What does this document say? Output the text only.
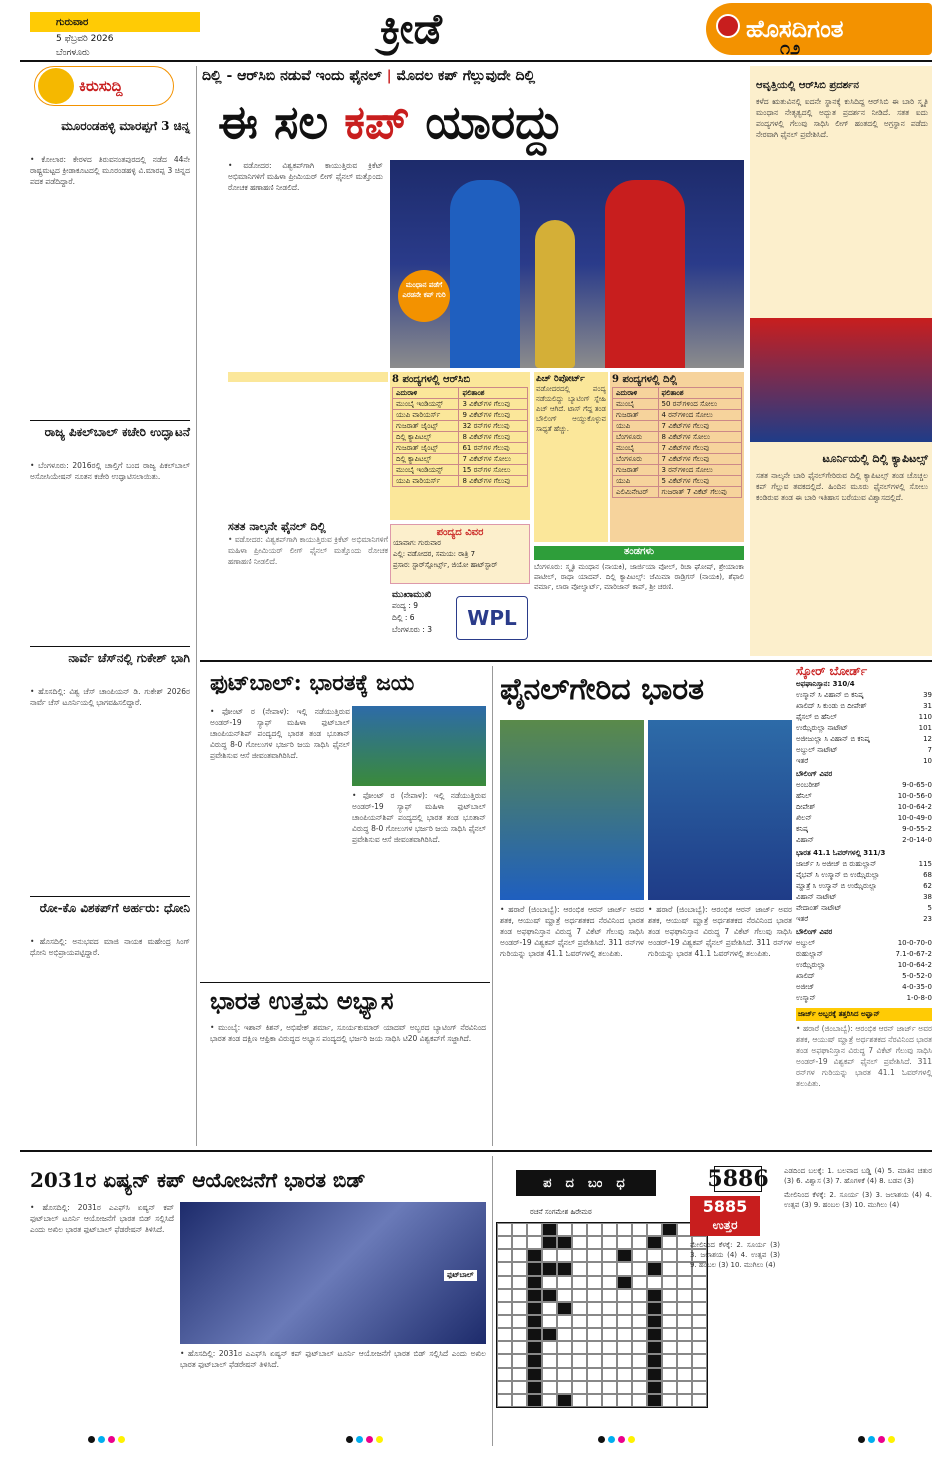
ಗುರುವಾರ
5 ಫೆಬ್ರವರಿ 2026
ಬೆಂಗಳೂರು	ಕ್ರೀಡೆ	ಹೊಸದಿಗಂತ
೧೨
ಕಿರುಸುದ್ದಿ
ಮೂರಂಡಹಳ್ಳಿ ಮಾರಪ್ಪಗೆ 3 ಚಿನ್ನ
• ಕೋಲಾರ: ಕೇರಳದ ತಿರುವನಂತಪುರದಲ್ಲಿ ನಡೆದ 44ನೇ ರಾಷ್ಟ್ರಮಟ್ಟದ ಕ್ರೀಡಾಕೂಟದಲ್ಲಿ ಮೂರಂಡಹಳ್ಳಿ ವಿ.ಮಾರಪ್ಪ 3 ಚಿನ್ನದ ಪದಕ ಪಡೆದಿದ್ದಾರೆ.
ರಾಜ್ಯ ಪಿಕಲ್‌ಬಾಲ್ ಕಚೇರಿ ಉದ್ಘಾಟನೆ
• ಬೆಂಗಳೂರು: 2016ರಲ್ಲಿ ಚಾಲ್ತಿಗೆ ಬಂದ ರಾಜ್ಯ ಪಿಕಲ್‌ಬಾಲ್ ಅಸೋಸಿಯೇಷನ್ ನೂತನ ಕಚೇರಿ ಉದ್ಘಾಟಿಸಲಾಯಿತು.
ನಾರ್ವೆ ಚೆಸ್‌ನಲ್ಲಿ ಗುಕೇಶ್ ಭಾಗಿ
• ಹೊಸದಿಲ್ಲಿ: ವಿಶ್ವ ಚೆಸ್ ಚಾಂಪಿಯನ್ ಡಿ. ಗುಕೇಶ್ 2026ರ ನಾರ್ವೆ ಚೆಸ್ ಟೂರ್ನಿಯಲ್ಲಿ ಭಾಗವಹಿಸಲಿದ್ದಾರೆ.
ರೋ-ಕೊ ವಿಶಕಪ್‌ಗೆ ಅರ್ಹರು: ಧೋನಿ
• ಹೊಸದಿಲ್ಲಿ: ಅನುಭವದ ಮಾಜಿ ನಾಯಕ ಮಹೇಂದ್ರ ಸಿಂಗ್ ಧೋನಿ ಅಭಿಪ್ರಾಯಪಟ್ಟಿದ್ದಾರೆ.
ದಿಲ್ಲಿ - ಆರ್‌ಸಿಬಿ ನಡುವೆ ಇಂದು ಫೈನಲ್ | ಮೊದಲ ಕಪ್ ಗೆಲ್ಲುವುದೇ ದಿಲ್ಲಿ
ಈ ಸಲ ಕಪ್ ಯಾರದ್ದು
• ವಡೋದರ: ವಿಶ್ವಕಪ್‌ಗಾಗಿ ಕಾಯುತ್ತಿರುವ ಕ್ರಿಕೆಟ್ ಅಭಿಮಾನಿಗಳಿಗೆ ಮಹಿಳಾ ಪ್ರೀಮಿಯರ್ ಲೀಗ್ ಫೈನಲ್ ಮತ್ತೊಂದು ರೋಚಕ ಹಣಾಹಣಿ ನೀಡಲಿದೆ.
ಮಂಧಾನ ಪಡೆಗೆ ಎರಡನೇ ಕಪ್ ಗುರಿ
8 ಪಂದ್ಯಗಳಲ್ಲಿ ಆರ್‌ಸಿಬಿ
ಎದುರಾಳಿ	ಫಲಿತಾಂಶ
ಮುಂಬೈ ಇಂಡಿಯನ್ಸ್	3 ವಿಕೆಟ್‌ಗಳ ಗೆಲುವು
ಯುಪಿ ವಾರಿಯರ್ಸ್	9 ವಿಕೆಟ್‌ಗಳ ಗೆಲುವು
ಗುಜರಾತ್ ಜೈಂಟ್ಸ್	32 ರನ್‌ಗಳ ಗೆಲುವು
ದಿಲ್ಲಿ ಕ್ಯಾಪಿಟಲ್ಸ್	8 ವಿಕೆಟ್‌ಗಳ ಗೆಲುವು
ಗುಜರಾತ್ ಜೈಂಟ್ಸ್	61 ರನ್‌ಗಳ ಗೆಲುವು
ದಿಲ್ಲಿ ಕ್ಯಾಪಿಟಲ್ಸ್	7 ವಿಕೆಟ್‌ಗಳ ಸೋಲು
ಮುಂಬೈ ಇಂಡಿಯನ್ಸ್	15 ರನ್‌ಗಳ ಸೋಲು
ಯುಪಿ ವಾರಿಯರ್ಸ್	8 ವಿಕೆಟ್‌ಗಳ ಗೆಲುವು
ಪಿಚ್ ರಿಪೋರ್ಟ್
ವಡೋದರದಲ್ಲಿ ಪಂದ್ಯ ನಡೆಯಲಿದ್ದು ಬ್ಯಾಟಿಂಗ್ ಸ್ನೇಹಿ ಪಿಚ್ ಆಗಿದೆ. ಟಾಸ್ ಗೆದ್ದ ತಂಡ ಬೌಲಿಂಗ್ ಆಯ್ದುಕೊಳ್ಳುವ ಸಾಧ್ಯತೆ ಹೆಚ್ಚು.
9 ಪಂದ್ಯಗಳಲ್ಲಿ ದಿಲ್ಲಿ
ಎದುರಾಳಿ	ಫಲಿತಾಂಶ
ಮುಂಬೈ	50 ರನ್‌ಗಳಿಂದ ಸೋಲು
ಗುಜರಾತ್	4 ರನ್‌ಗಳಿಂದ ಸೋಲು
ಯುಪಿ	7 ವಿಕೆಟ್‌ಗಳ ಗೆಲುವು
ಬೆಂಗಳೂರು	8 ವಿಕೆಟ್‌ಗಳ ಸೋಲು
ಮುಂಬೈ	7 ವಿಕೆಟ್‌ಗಳ ಗೆಲುವು
ಬೆಂಗಳೂರು	7 ವಿಕೆಟ್‌ಗಳ ಗೆಲುವು
ಗುಜರಾತ್	3 ರನ್‌ಗಳಿಂದ ಸೋಲು
ಯುಪಿ	5 ವಿಕೆಟ್‌ಗಳ ಗೆಲುವು
ಎಲಿಮಿನೇಟರ್	ಗುಜರಾತ್ 7 ವಿಕೆಟ್ ಗೆಲುವು
ಸತತ ನಾಲ್ಕನೇ ಫೈನಲ್ ದಿಲ್ಲಿ
• ವಡೋದರ: ವಿಶ್ವಕಪ್‌ಗಾಗಿ ಕಾಯುತ್ತಿರುವ ಕ್ರಿಕೆಟ್ ಅಭಿಮಾನಿಗಳಿಗೆ ಮಹಿಳಾ ಪ್ರೀಮಿಯರ್ ಲೀಗ್ ಫೈನಲ್ ಮತ್ತೊಂದು ರೋಚಕ ಹಣಾಹಣಿ ನೀಡಲಿದೆ.
ಪಂದ್ಯದ ವಿವರ
ಯಾವಾಗ: ಗುರುವಾರ
ಎಲ್ಲಿ: ವಡೋದರ, ಸಮಯ: ರಾತ್ರಿ 7
ಪ್ರಸಾರ: ಸ್ಟಾರ್‌ಸ್ಪೋರ್ಟ್ಸ್, ಜಿಯೋ ಹಾಟ್‌ಸ್ಟಾರ್
ಮುಖಾಮುಖಿ
ಪಂದ್ಯ : 9
ದಿಲ್ಲಿ : 6
ಬೆಂಗಳೂರು : 3	WPL
ತಂಡಗಳು
ಬೆಂಗಳೂರು: ಸ್ಮೃತಿ ಮಂಧಾನ (ನಾಯಕಿ), ಜಾರ್ಜಿಯಾ ವೋಲ್, ರಿಚಾ ಘೋಷ್, ಶ್ರೇಯಾಂಕಾ ಪಾಟೀಲ್, ರಾಧಾ ಯಾದವ್. ದಿಲ್ಲಿ ಕ್ಯಾಪಿಟಲ್ಸ್: ಜೆಮಿಮಾ ರಾಡ್ರಿಗಸ್ (ನಾಯಕಿ), ಶೆಫಾಲಿ ವರ್ಮಾ, ಲಾರಾ ವೋಲ್ವಾರ್ಟ್, ಮಾರಿಜಾನ್ ಕಾಪ್, ಶ್ರೀ ಚರಣಿ.
ಆವೃತ್ತಿಯಲ್ಲಿ ಆರ್‌ಸಿಬಿ ಪ್ರದರ್ಶನ
ಕಳೆದ ಋತುವಿನಲ್ಲಿ ಐದನೇ ಸ್ಥಾನಕ್ಕೆ ಕುಸಿದಿದ್ದ ಆರ್‌ಸಿಬಿ ಈ ಬಾರಿ ಸ್ಮೃತಿ ಮಂಧಾನ ನೇತೃತ್ವದಲ್ಲಿ ಅದ್ಭುತ ಪ್ರದರ್ಶನ ನೀಡಿದೆ. ಸತತ ಐದು ಪಂದ್ಯಗಳಲ್ಲಿ ಗೆಲುವು ಸಾಧಿಸಿ ಲೀಗ್ ಹಂತದಲ್ಲಿ ಅಗ್ರಸ್ಥಾನ ಪಡೆದು ನೇರವಾಗಿ ಫೈನಲ್ ಪ್ರವೇಶಿಸಿದೆ.
ಟೂರ್ನಿಯಲ್ಲಿ ದಿಲ್ಲಿ ಕ್ಯಾಪಿಟಲ್ಸ್
ಸತತ ನಾಲ್ಕನೇ ಬಾರಿ ಫೈನಲ್‌ಗೇರಿರುವ ದಿಲ್ಲಿ ಕ್ಯಾಪಿಟಲ್ಸ್ ತಂಡ ಚೊಚ್ಚಲ ಕಪ್ ಗೆಲ್ಲುವ ತವಕದಲ್ಲಿದೆ. ಹಿಂದಿನ ಮೂರು ಫೈನಲ್‌ಗಳಲ್ಲಿ ಸೋಲು ಕಂಡಿರುವ ತಂಡ ಈ ಬಾರಿ ಇತಿಹಾಸ ಬರೆಯುವ ವಿಶ್ವಾಸದಲ್ಲಿದೆ.
ಫುಟ್‌ಬಾಲ್: ಭಾರತಕ್ಕೆ ಜಯ
• ಫೋಂಟ್ ರ (ನೇಪಾಳ): ಇಲ್ಲಿ ನಡೆಯುತ್ತಿರುವ ಅಂಡರ್-19 ಸ್ಯಾಫ್ ಮಹಿಳಾ ಫುಟ್‌ಬಾಲ್ ಚಾಂಪಿಯನ್‌ಶಿಪ್ ಪಂದ್ಯದಲ್ಲಿ ಭಾರತ ತಂಡ ಭೂತಾನ್ ವಿರುದ್ಧ 8-0 ಗೋಲುಗಳ ಭರ್ಜರಿ ಜಯ ಸಾಧಿಸಿ ಫೈನಲ್ ಪ್ರವೇಶಿಸುವ ಆಸೆ ಜೀವಂತವಾಗಿರಿಸಿದೆ.
• ಫೋಂಟ್ ರ (ನೇಪಾಳ): ಇಲ್ಲಿ ನಡೆಯುತ್ತಿರುವ ಅಂಡರ್-19 ಸ್ಯಾಫ್ ಮಹಿಳಾ ಫುಟ್‌ಬಾಲ್ ಚಾಂಪಿಯನ್‌ಶಿಪ್ ಪಂದ್ಯದಲ್ಲಿ ಭಾರತ ತಂಡ ಭೂತಾನ್ ವಿರುದ್ಧ 8-0 ಗೋಲುಗಳ ಭರ್ಜರಿ ಜಯ ಸಾಧಿಸಿ ಫೈನಲ್ ಪ್ರವೇಶಿಸುವ ಆಸೆ ಜೀವಂತವಾಗಿರಿಸಿದೆ.
ಭಾರತ ಉತ್ತಮ ಅಭ್ಯಾಸ
• ಮುಂಬೈ: ಇಶಾನ್ ಕಿಶನ್, ಅಭಿಷೇಕ್ ಶರ್ಮಾ, ಸೂರ್ಯಕುಮಾರ್ ಯಾದವ್ ಅಬ್ಬರದ ಬ್ಯಾಟಿಂಗ್ ನೆರವಿನಿಂದ ಭಾರತ ತಂಡ ದಕ್ಷಿಣ ಆಫ್ರಿಕಾ ವಿರುದ್ಧದ ಅಭ್ಯಾಸ ಪಂದ್ಯದಲ್ಲಿ ಭರ್ಜರಿ ಜಯ ಸಾಧಿಸಿ ಟಿ20 ವಿಶ್ವಕಪ್‌ಗೆ ಸಜ್ಜಾಗಿದೆ.
ಫೈನಲ್‌ಗೇರಿದ ಭಾರತ
• ಹರಾರೆ (ಜಿಂಬಾಬ್ವೆ): ಆರಂಭಿಕ ಆರನ್ ಜಾರ್ಜ್ ಅವರ ಶತಕ, ಆಯುಷ್ ಮ್ಹಾತ್ರೆ ಅರ್ಧಶತಕದ ನೆರವಿನಿಂದ ಭಾರತ ತಂಡ ಅಫಘಾನಿಸ್ತಾನ ವಿರುದ್ಧ 7 ವಿಕೆಟ್ ಗೆಲುವು ಸಾಧಿಸಿ ಅಂಡರ್-19 ವಿಶ್ವಕಪ್ ಫೈನಲ್ ಪ್ರವೇಶಿಸಿದೆ. 311 ರನ್‌ಗಳ ಗುರಿಯನ್ನು ಭಾರತ 41.1 ಓವರ್‌ಗಳಲ್ಲಿ ತಲುಪಿತು.
• ಹರಾರೆ (ಜಿಂಬಾಬ್ವೆ): ಆರಂಭಿಕ ಆರನ್ ಜಾರ್ಜ್ ಅವರ ಶತಕ, ಆಯುಷ್ ಮ್ಹಾತ್ರೆ ಅರ್ಧಶತಕದ ನೆರವಿನಿಂದ ಭಾರತ ತಂಡ ಅಫಘಾನಿಸ್ತಾನ ವಿರುದ್ಧ 7 ವಿಕೆಟ್ ಗೆಲುವು ಸಾಧಿಸಿ ಅಂಡರ್-19 ವಿಶ್ವಕಪ್ ಫೈನಲ್ ಪ್ರವೇಶಿಸಿದೆ. 311 ರನ್‌ಗಳ ಗುರಿಯನ್ನು ಭಾರತ 41.1 ಓವರ್‌ಗಳಲ್ಲಿ ತಲುಪಿತು.
ಸ್ಕೋರ್ ಬೋರ್ಡ್
ಅಫಘಾನಿಸ್ತಾನ: 310/4
ಉಸ್ಮಾನ್ ಸಿ ವಿಹಾನ್ ಬಿ ಕನಿಷ್ಕ	39
ಖಾಲಿದ್ ಸಿ ಕುಂಡು ಬಿ ದೀಪೇಶ್	31
ಫೈಸಲ್ ಬಿ ಹೆನಿಲ್	110
ಉಝೈರುಲ್ಲಾ ನಾಟೌಟ್	101
ಅಜೀಜುಲ್ಲಾ ಸಿ ವಿಹಾನ್ ಬಿ ಕನಿಷ್ಕ	12
ಅಬ್ದುಲ್ ನಾಟೌಟ್	7
ಇತರೆ	10
ಬೌಲಿಂಗ್ ವಿವರ
ಅಂಬರೀಶ್	9-0-65-0
ಹೆನಿಲ್	10-0-56-0
ದೀಪೇಶ್	10-0-64-2
ಖಿಲನ್	10-0-49-0
ಕನಿಷ್ಕ	9-0-55-2
ವಿಹಾನ್	2-0-14-0
ಭಾರತ 41.1 ಓವರ್‌ಗಳಲ್ಲಿ 311/3
ಜಾರ್ಜ್ ಸಿ ಅಜೀಜ್ ಬಿ ರುಹುಲ್ಲಾನ್	115
ವೈಭವ್ ಸಿ ಉಸ್ಮಾನ್ ಬಿ ಉಝೈರುಲ್ಲಾ	68
ಮ್ಹಾತ್ರೆ ಸಿ ಉಸ್ಮಾನ್ ಬಿ ಉಝೈರುಲ್ಲಾ	62
ವಿಹಾನ್ ನಾಟೌಟ್	38
ವೇದಾಂತ್ ನಾಟೌಟ್	5
ಇತರೆ	23
ಬೌಲಿಂಗ್ ವಿವರ
ಅಬ್ದುಲ್	10-0-70-0
ರುಹುಲ್ಲಾನ್	7.1-0-67-2
ಉಝೈರುಲ್ಲಾ	10-0-64-2
ಖಾಲಿದ್	5-0-52-0
ಅಜೀಜ್	4-0-35-0
ಉಸ್ಮಾನ್	1-0-8-0
ಜಾರ್ಜ್ ಅಬ್ಬರಕ್ಕೆ ತತ್ತರಿಸಿದ ಅಫ್ಘಾನ್
• ಹರಾರೆ (ಜಿಂಬಾಬ್ವೆ): ಆರಂಭಿಕ ಆರನ್ ಜಾರ್ಜ್ ಅವರ ಶತಕ, ಆಯುಷ್ ಮ್ಹಾತ್ರೆ ಅರ್ಧಶತಕದ ನೆರವಿನಿಂದ ಭಾರತ ತಂಡ ಅಫಘಾನಿಸ್ತಾನ ವಿರುದ್ಧ 7 ವಿಕೆಟ್ ಗೆಲುವು ಸಾಧಿಸಿ ಅಂಡರ್-19 ವಿಶ್ವಕಪ್ ಫೈನಲ್ ಪ್ರವೇಶಿಸಿದೆ. 311 ರನ್‌ಗಳ ಗುರಿಯನ್ನು ಭಾರತ 41.1 ಓವರ್‌ಗಳಲ್ಲಿ ತಲುಪಿತು.
2031ರ ಏಷ್ಯನ್ ಕಪ್ ಆಯೋಜನೆಗೆ ಭಾರತ ಬಿಡ್
• ಹೊಸದಿಲ್ಲಿ: 2031ರ ಎಎಫ್‌ಸಿ ಏಷ್ಯನ್ ಕಪ್ ಫುಟ್‌ಬಾಲ್ ಟೂರ್ನಿ ಆಯೋಜನೆಗೆ ಭಾರತ ಬಿಡ್ ಸಲ್ಲಿಸಿದೆ ಎಂದು ಅಖಿಲ ಭಾರತ ಫುಟ್‌ಬಾಲ್ ಫೆಡರೇಷನ್ ತಿಳಿಸಿದೆ.
ಫುಟ್‌ಬಾಲ್
• ಹೊಸದಿಲ್ಲಿ: 2031ರ ಎಎಫ್‌ಸಿ ಏಷ್ಯನ್ ಕಪ್ ಫುಟ್‌ಬಾಲ್ ಟೂರ್ನಿ ಆಯೋಜನೆಗೆ ಭಾರತ ಬಿಡ್ ಸಲ್ಲಿಸಿದೆ ಎಂದು ಅಖಿಲ ಭಾರತ ಫುಟ್‌ಬಾಲ್ ಫೆಡರೇಷನ್ ತಿಳಿಸಿದೆ.
ಪದಬಂಧ
ರಚನೆ ಸಂಗಮೇಶ ಹಿರೇಮಠ
5886
5885
ಉತ್ತರ
ಮೇಲಿನಿಂದ ಕೆಳಕ್ಕೆ: 2. ಸೂರ್ಯ (3) 3. ಜಲಾಶಯ (4) 4. ಉತ್ಸವ (3) 9. ಹಂಬಲ (3) 10. ಮುಗಿಲು (4)
ಎಡದಿಂದ ಬಲಕ್ಕೆ: 1. ಬಲವಾದ ಬಡ್ಡಿ (4) 5. ಮಾತಿನ ಚತುರ (3) 6. ವಿಶ್ವಾಸ (3) 7. ಹೊಗಳಿಕೆ (4) 8. ಬಡವ (3)
ಮೇಲಿನಿಂದ ಕೆಳಕ್ಕೆ: 2. ಸೂರ್ಯ (3) 3. ಜಲಾಶಯ (4) 4. ಉತ್ಸವ (3) 9. ಹಂಬಲ (3) 10. ಮುಗಿಲು (4)
